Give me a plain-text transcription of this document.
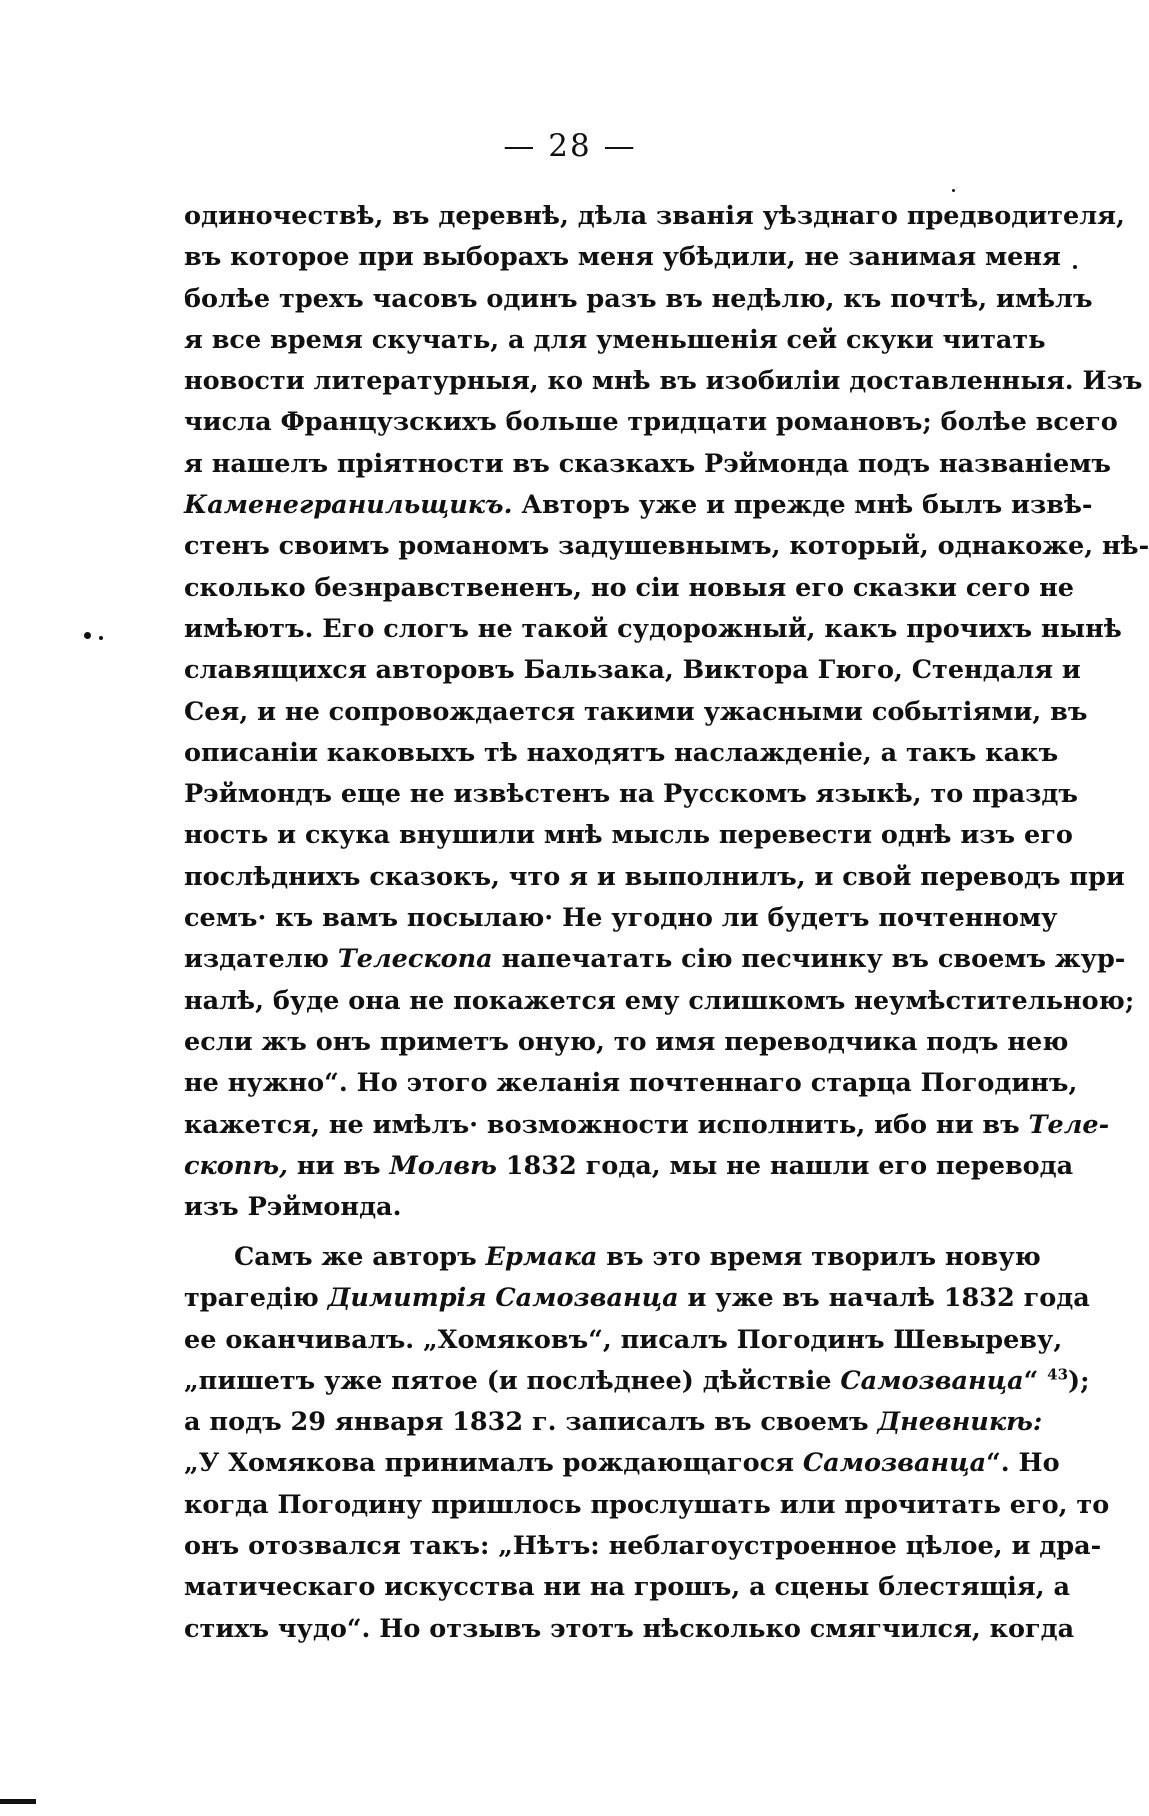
— 28 —
одиночествѣ, въ деревнѣ, дѣла званія уѣзднаго предводителя,
въ которое при выборахъ меня убѣдили, не занимая меня
болѣе трехъ часовъ одинъ разъ въ недѣлю, къ почтѣ, имѣлъ
я все время скучать, а для уменьшенія сей скуки читать
новости литературныя, ко мнѣ въ изобиліи доставленныя. Изъ
числа Французскихъ больше тридцати романовъ; болѣе всего
я нашелъ пріятности въ сказкахъ Рэймонда подъ названіемъ
Каменегранильщикъ. Авторъ уже и прежде мнѣ былъ извѣ-
стенъ своимъ романомъ задушевнымъ, который, однакоже, нѣ-
сколько безнравствененъ, но сіи новыя его сказки сего не
имѣютъ. Его слогъ не такой судорожный, какъ прочихъ нынѣ
славящихся авторовъ Бальзака, Виктора Гюго, Стендаля и
Сея, и не сопровождается такими ужасными событіями, въ
описаніи каковыхъ тѣ находятъ наслажденіе, а такъ какъ
Рэймондъ еще не извѣстенъ на Русскомъ языкѣ, то праздъ
ность и скука внушили мнѣ мысль перевести однѣ изъ его
послѣднихъ сказокъ, что я и выполнилъ, и свой переводъ при
семъ· къ вамъ посылаю· Не угодно ли будетъ почтенному
издателю Телескопа напечатать сію песчинку въ своемъ жур-
налѣ, буде она не покажется ему слишкомъ неумѣстительною;
если жъ онъ приметъ оную, то имя переводчика подъ нею
не нужно“. Но этого желанія почтеннаго старца Погодинъ,
кажется, не имѣлъ· возможности исполнить, ибо ни въ Теле-
скопѣ, ни въ Молвѣ 1832 года, мы не нашли его перевода
изъ Рэймонда.
Самъ же авторъ Ермака въ это время творилъ новую
трагедію Димитрія Самозванца и уже въ началѣ 1832 года
ее оканчивалъ. „Хомяковъ“, писалъ Погодинъ Шевыреву,
„пишетъ уже пятое (и послѣднее) дѣйствіе Самозванца“ $^{43}$);
а подъ 29 января 1832 г. записалъ въ своемъ Дневникѣ:
„У Хомякова принималъ рождающагося Самозванца“. Но
когда Погодину пришлось прослушать или прочитать его, то
онъ отозвался такъ: „Нѣтъ: неблагоустроенное цѣлое, и дра-
матическаго искусства ни на грошъ, а сцены блестящія, а
стихъ чудо“. Но отзывъ этотъ нѣсколько смягчился, когда
